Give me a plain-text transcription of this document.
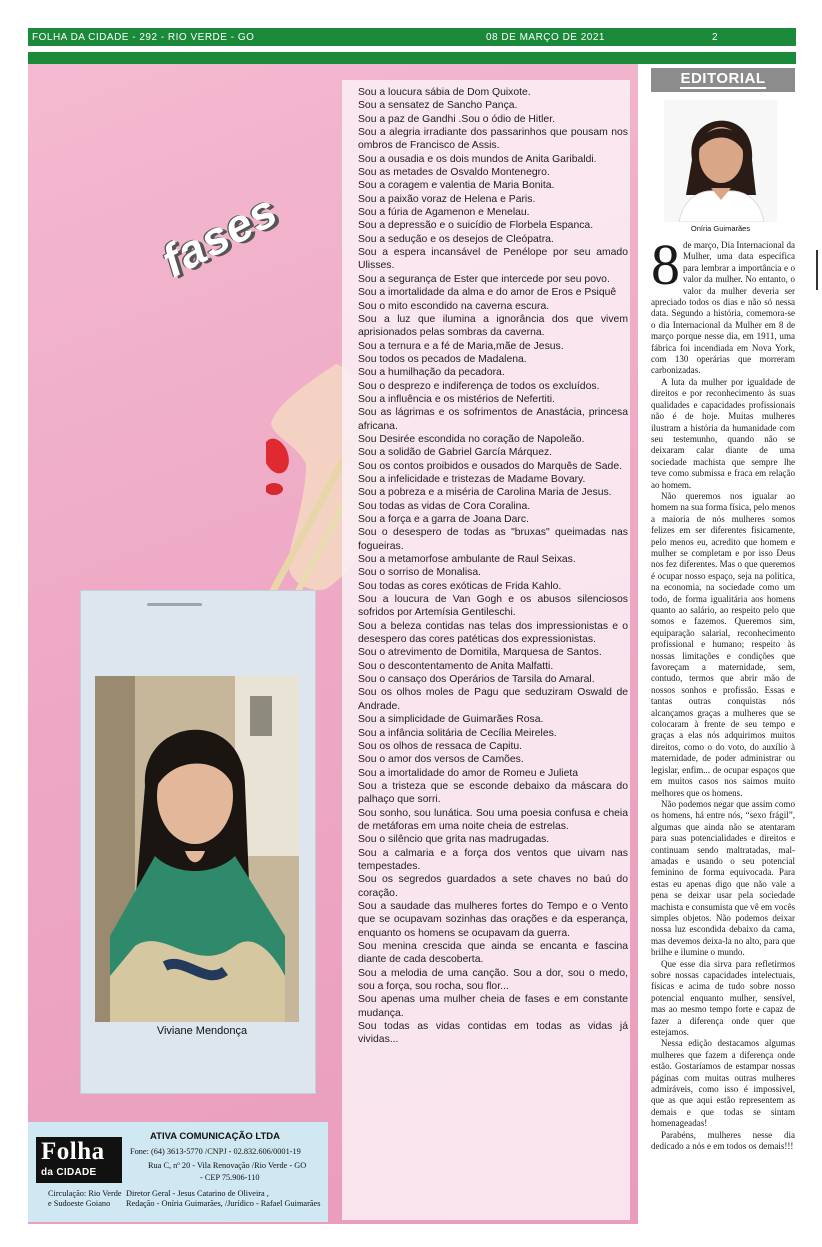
FOLHA DA CIDADE - 292 - RIO VERDE - GO	08 DE MARÇO DE 2021	2
fases

Sou a loucura sábia de Dom Quixote.

Sou a sensatez de Sancho Pança.

Sou a paz de Gandhi .Sou o ódio de Hitler.

Sou a alegria irradiante dos passarinhos que pousam nos ombros de Francisco de Assis.

Sou a ousadia e os dois mundos de Anita Garibaldi.

Sou as metades de Osvaldo Montenegro.

Sou a coragem e valentia de Maria Bonita.

Sou a paixão voraz de Helena e Paris.

Sou a fúria de Agamenon e Menelau.

Sou a depressão e o suicídio de Florbela Espanca.

Sou a sedução e os desejos de Cleópatra.

Sou a espera incansável de Penélope por seu amado Ulisses.

Sou a segurança de Ester que intercede por seu povo.

Sou a imortalidade da alma e do amor de Eros e Psiquê

Sou o mito escondido na caverna escura.

Sou a luz que ilumina a ignorância dos que vivem aprisionados pelas sombras da caverna.

Sou a ternura e a fé de Maria,mãe de Jesus.

Sou todos os pecados de Madalena.

Sou a humilhação da pecadora.

Sou o desprezo e indiferença de todos os excluídos.

Sou a influência e os mistérios de Nefertiti.

Sou as lágrimas e os sofrimentos de Anastácia, princesa africana.

Sou Desirée escondida no coração de Napoleão.

Sou a solidão de Gabriel García Márquez.

Sou os contos proibidos e ousados do Marquês de Sade.

Sou a infelicidade e tristezas de Madame Bovary.

Sou a pobreza e a miséria de Carolina Maria de Jesus.

Sou todas as vidas de Cora Coralina.

Sou a força e a garra de Joana Darc.

Sou o desespero de todas as "bruxas" queimadas nas fogueiras.

Sou a metamorfose ambulante de Raul Seixas.

Sou o sorriso de Monalisa.

Sou todas as cores exóticas de Frida Kahlo.

Sou a loucura de Van Gogh e os abusos silenciosos sofridos por Artemísia Gentileschi.

Sou a beleza contidas nas telas dos impressionistas e o desespero das cores patéticas dos expressionistas.

Sou o atrevimento de Domitila, Marquesa de Santos.

Sou o descontentamento de Anita Malfatti.

Sou o cansaço dos Operários de Tarsila do Amaral.

Sou os olhos moles de Pagu que seduziram Oswald de Andrade.

Sou a simplicidade de Guimarães Rosa.

Sou a infância solitária de Cecília Meireles.

Sou os olhos de ressaca de Capitu.

Sou o amor dos versos de Camões.

Sou a imortalidade do amor de Romeu e Julieta

Sou a tristeza que se esconde debaixo da máscara do palhaço que sorri.

Sou sonho, sou lunática. Sou uma poesia confusa e cheia de metáforas em uma noite cheia de estrelas.

Sou o silêncio que grita nas madrugadas.

Sou a calmaria e a força dos ventos que uivam nas tempestades.

Sou os segredos guardados a sete chaves no baú do coração.

Sou a saudade das mulheres fortes do Tempo e o Vento que se ocupavam sozinhas das orações e da esperança, enquanto os homens se ocupavam da guerra.

Sou menina crescida que ainda se encanta e fascina diante de cada descoberta.

Sou a melodia de uma canção. Sou a dor, sou o medo, sou a força, sou rocha, sou flor...

Sou apenas uma mulher cheia de fases e em constante mudança.

Sou todas as vidas contidas em todas as vidas já vividas...

Viviane Mendonça
Folha
da CIDADE
ATIVA COMUNICAÇÃO LTDA
Fone: (64) 3613-5770 /CNPJ - 02.832.606/0001-19
Rua C, nº 20 - Vila Renovação /Rio Verde - GO
- CEP 75.906-110
Circulação: Rio Verde
e Sudoeste Goiano
Diretor Geral - Jesus Catarino de Oliveira ,
Redação - Oníria Guimarães, /Jurídico - Rafael Guimarães
EDITORIAL
Oníria Guimarães

8 de março, Dia Internacional da Mulher, uma data específica para lembrar a importância e o valor da mulher. No entanto, o valor da mulher deveria ser apreciado todos os dias e não só nessa data. Segundo a história, comemora-se o dia Internacional da Mulher em 8 de março porque nesse dia, em 1911, uma fábrica foi incendiada em Nova York, com 130 operárias que morreram carbonizadas.

A luta da mulher por igualdade de direitos e por reconhecimento às suas qualidades e capacidades profissionais não é de hoje. Muitas mulheres ilustram a história da humanidade com seu testemunho, quando não se deixaram calar diante de uma sociedade machista que sempre lhe teve como submissa e fraca em relação ao homem.

Não queremos nos igualar ao homem na sua forma física, pelo menos a maioria de nós mulheres somos felizes em ser diferentes fisicamente, pelo menos eu, acredito que homem e mulher se completam e por isso Deus nos fez diferentes. Mas o que queremos é ocupar nosso espaço, seja na política, na economia, na sociedade como um todo, de forma igualitária aos homens quanto ao salário, ao respeito pelo que somos e fazemos. Queremos sim, equiparação salarial, reconhecimento profissional e humano; respeito às nossas limitações e condições que favoreçam a maternidade, sem, contudo, termos que abrir mão de nossos sonhos e profissão. Essas e tantas outras conquistas nós alcançamos graças a mulheres que se colocaram à frente de seu tempo e graças a elas nós adquirimos muitos direitos, como o do voto, do auxílio à maternidade, de poder administrar ou legislar, enfim... de ocupar espaços que em muitos casos nos saímos muito melhores que os homens.

Não podemos negar que assim como os homens, há entre nós, “sexo frágil”, algumas que ainda não se atentaram para suas potencialidades e direitos e continuam sendo maltratadas, mal-amadas e usando o seu potencial feminino de forma equivocada. Para estas eu apenas digo que não vale a pena se deixar usar pela sociedade machista e consumista que vê em vocês simples objetos. Não podemos deixar nossa luz escondida debaixo da cama, mas devemos deixa-la no alto, para que brilhe e ilumine o mundo.

Que esse dia sirva para refletirmos sobre nossas capacidades intelectuais, físicas e acima de tudo sobre nosso potencial enquanto mulher, sensível, mas ao mesmo tempo forte e capaz de fazer a diferença onde quer que estejamos.

Nessa edição destacamos algumas mulheres que fazem a diferença onde estão. Gostaríamos de estampar nossas páginas com muitas outras mulheres admiráveis, como isso é impossível, que as que aqui estão representem as demais e que todas se sintam homenageadas!

Parabéns, mulheres nesse dia dedicado a nós e em todos os demais!!!
